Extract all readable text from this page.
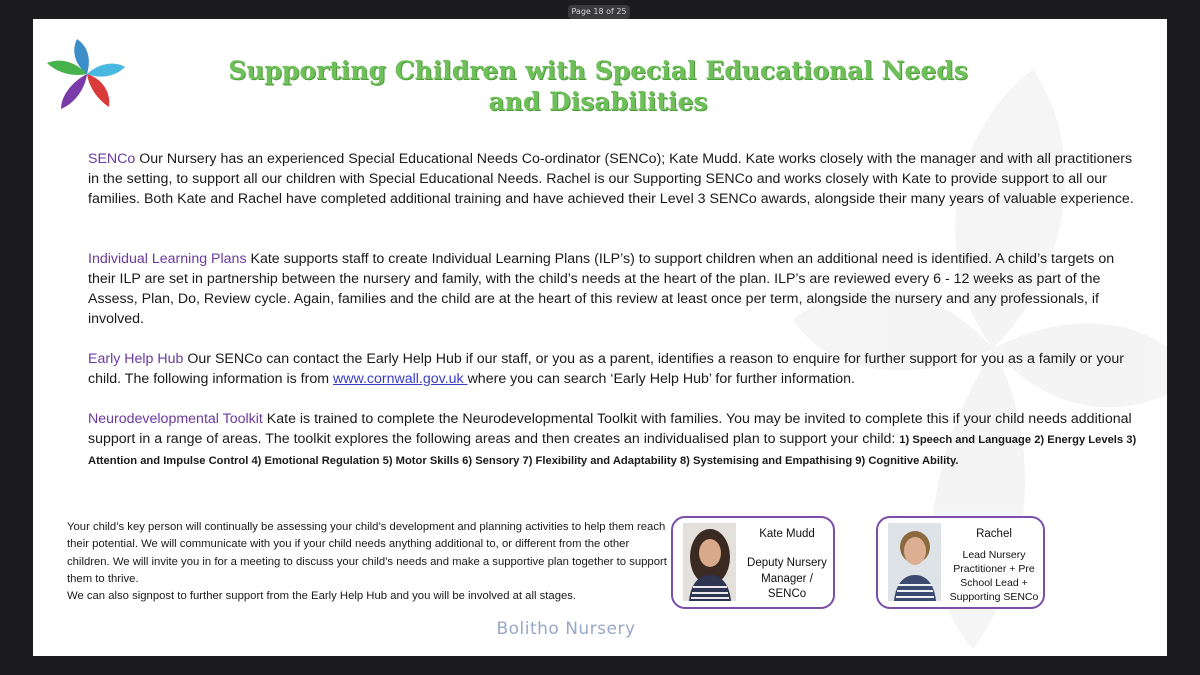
Page 18 of 25
Supporting Children with Special Educational Needs
and Disabilities

SENCo Our Nursery has an experienced Special Educational Needs Co-ordinator (SENCo); Kate Mudd. Kate works closely with the manager and with all practitioners in the setting, to support all our children with Special Educational Needs. Rachel is our Supporting SENCo and works closely with Kate to provide support to all our families. Both Kate and Rachel have completed additional training and have achieved their Level 3 SENCo awards, alongside their many years of valuable experience.

Individual Learning Plans Kate supports staff to create Individual Learning Plans (ILP’s) to support children when an additional need is identified. A child’s targets on their ILP are set in partnership between the nursery and family, with the child’s needs at the heart of the plan. ILP’s are reviewed every 6 - 12 weeks as part of the Assess, Plan, Do, Review cycle. Again, families and the child are at the heart of this review at least once per term, alongside the nursery and any professionals, if involved.

Early Help Hub Our SENCo can contact the Early Help Hub if our staff, or you as a parent, identifies a reason to enquire for further support for you as a family or your child. The following information is from www.cornwall.gov.uk where you can search ‘Early Help Hub’ for further information.

Neurodevelopmental Toolkit Kate is trained to complete the Neurodevelopmental Toolkit with families. You may be invited to complete this if your child needs additional support in a range of areas. The toolkit explores the following areas and then creates an individualised plan to support your child: 1) Speech and Language 2) Energy Levels 3) Attention and Impulse Control 4) Emotional Regulation 5) Motor Skills 6) Sensory 7) Flexibility and Adaptability 8) Systemising and Empathising 9) Cognitive Ability.

Your child’s key person will continually be assessing your child’s development and planning activities to help them reach their potential. We will communicate with you if your child needs anything additional to, or different from the other children. We will invite you in for a meeting to discuss your child’s needs and make a supportive plan together to support them to thrive.
We can also signpost to further support from the Early Help Hub and you will be involved at all stages.

Kate Mudd
Deputy Nursery
Manager /
SENCo
Rachel
Lead Nursery
Practitioner + Pre
School Lead +
Supporting SENCo
Bolitho Nursery
